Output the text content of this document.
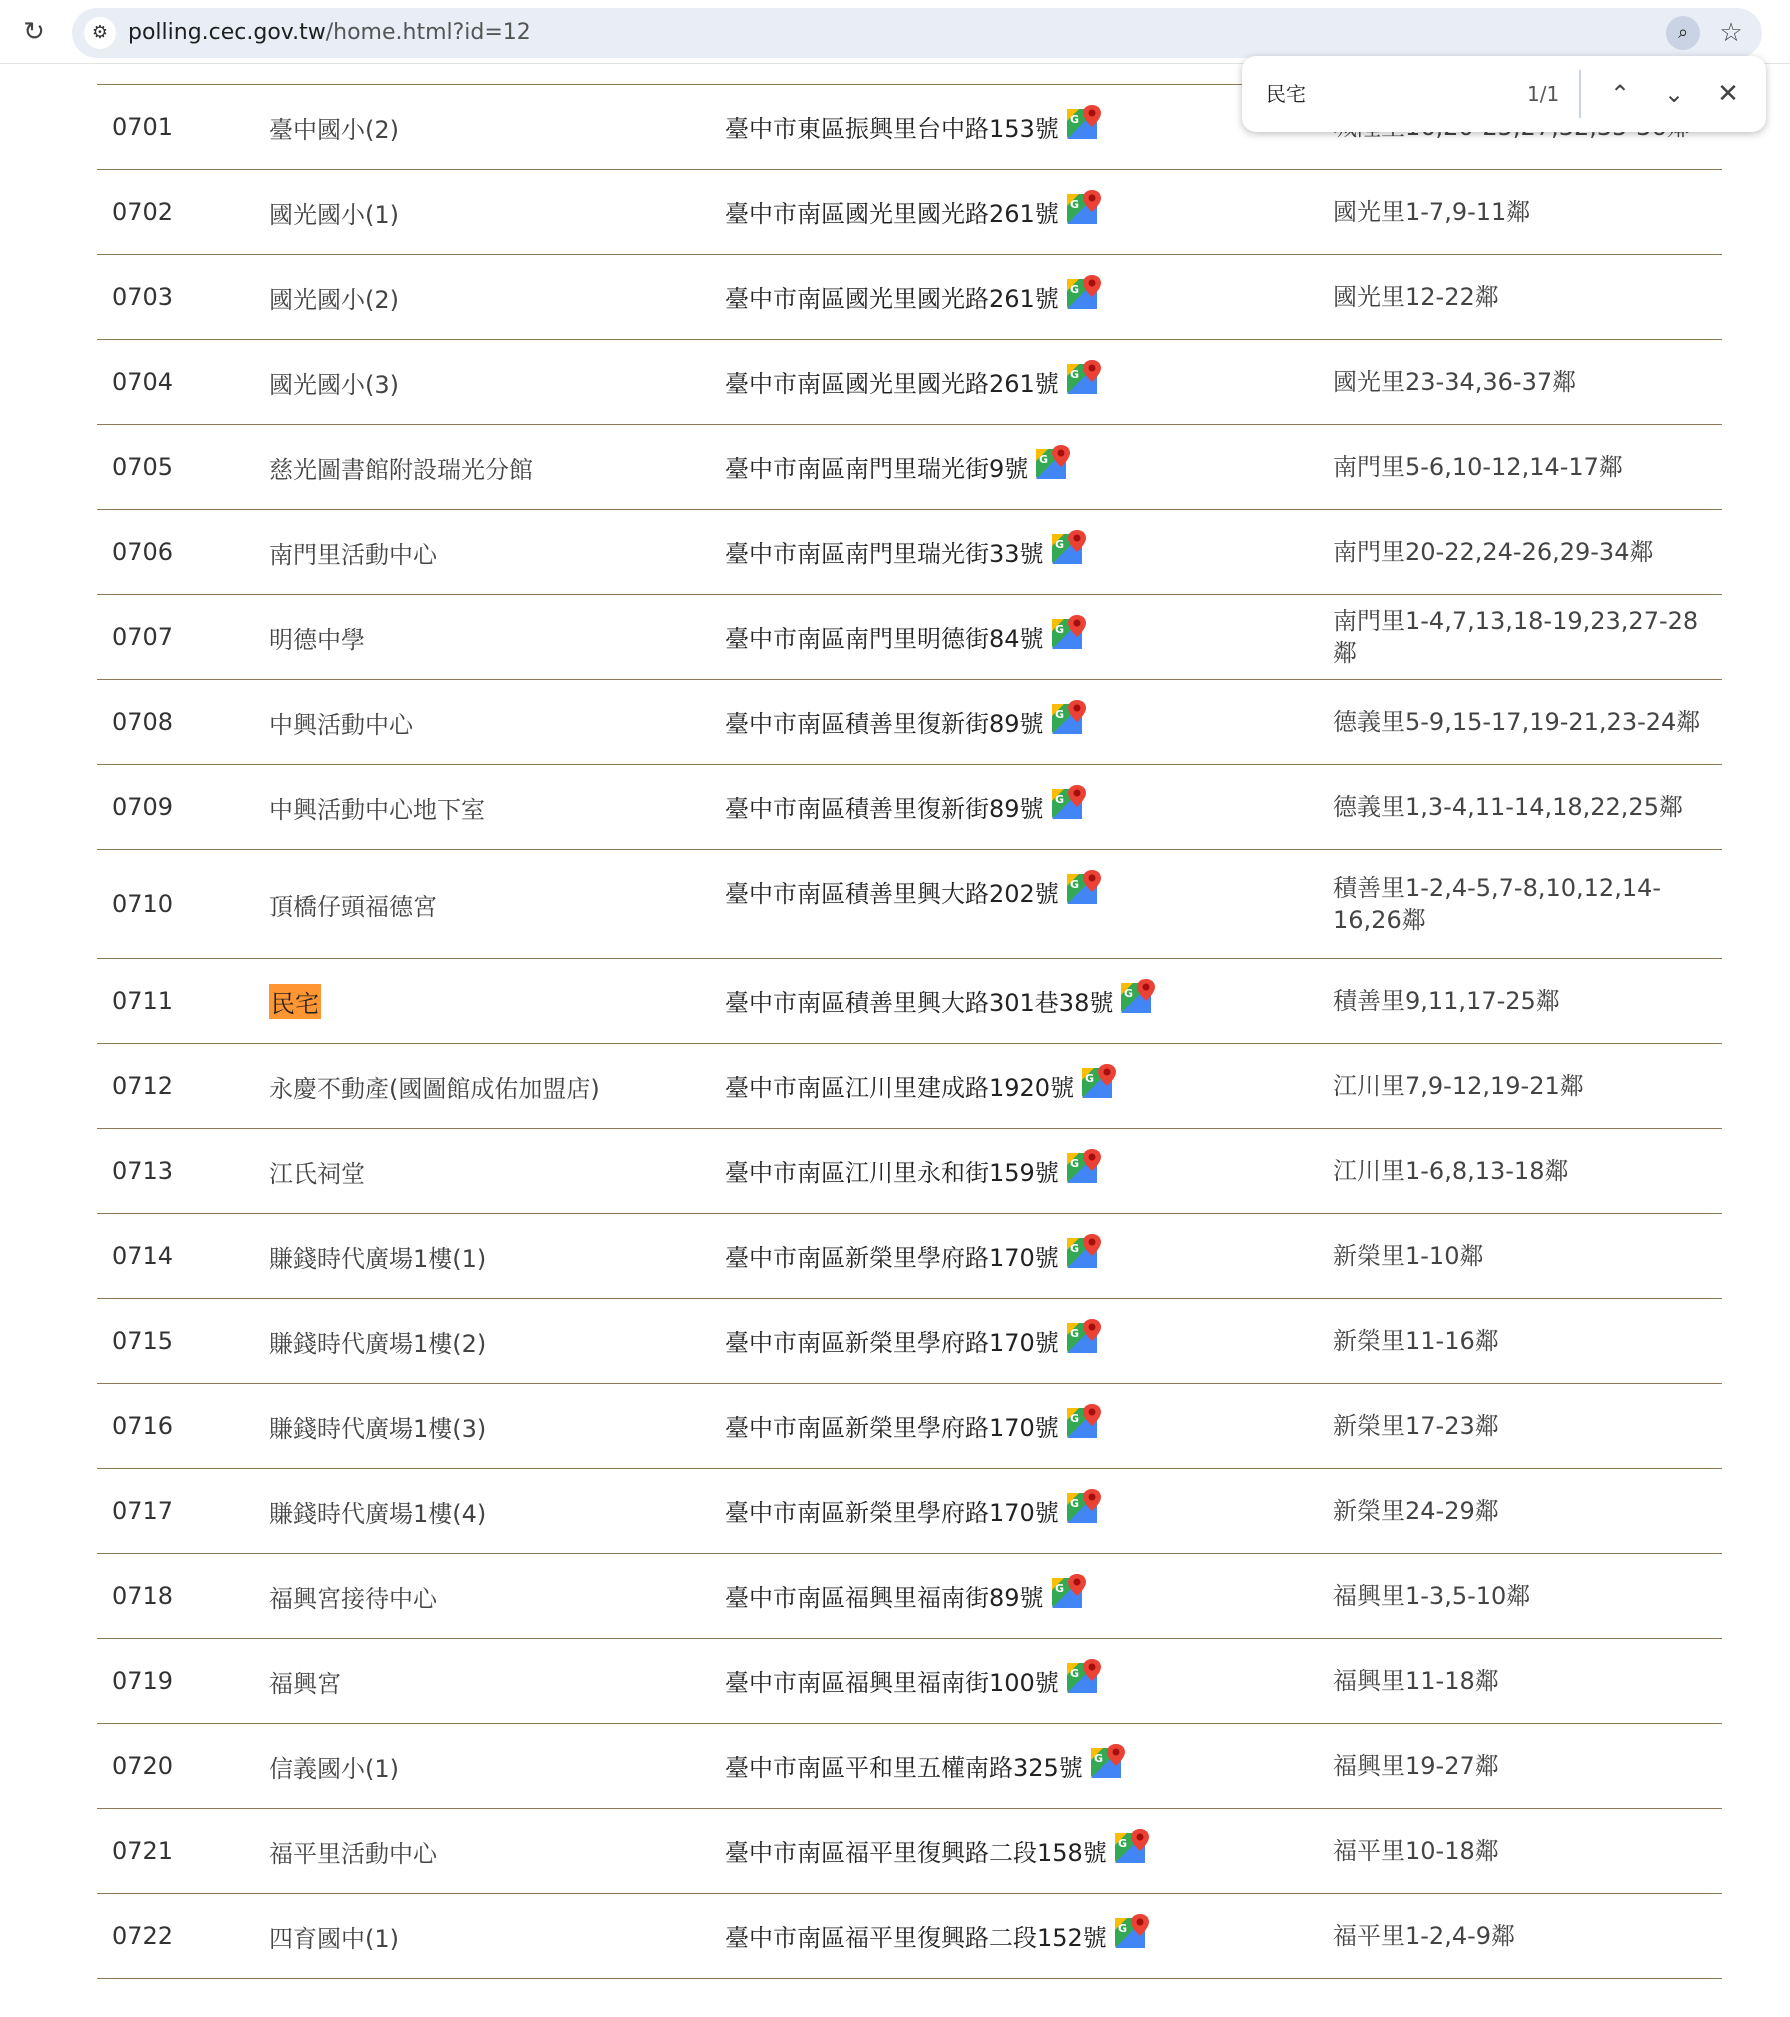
↻	⚙ polling.cec.gov.tw/home.html?id=12	⌕	☆
0701	臺中國小(2)	臺中市東區振興里台中路153號 G
0702	國光國小(1)	臺中市南區國光里國光路261號 G	國光里1-7,9-11鄰
0703	國光國小(2)	臺中市南區國光里國光路261號 G	國光里12-22鄰
0704	國光國小(3)	臺中市南區國光里國光路261號 G	國光里23-34,36-37鄰
0705	慈光圖書館附設瑞光分館	臺中市南區南門里瑞光街9號 G	南門里5-6,10-12,14-17鄰
0706	南門里活動中心	臺中市南區南門里瑞光街33號 G	南門里20-22,24-26,29-34鄰
0707	明德中學	臺中市南區南門里明德街84號 G	南門里1-4,7,13,18-19,23,27-28鄰
0708	中興活動中心	臺中市南區積善里復新街89號 G	德義里5-9,15-17,19-21,23-24鄰
0709	中興活動中心地下室	臺中市南區積善里復新街89號 G	德義里1,3-4,11-14,18,22,25鄰
0710	頂橋仔頭福德宮	臺中市南區積善里興大路202號 G	積善里1-2,4-5,7-8,10,12,14-16,26鄰
0711	民宅	臺中市南區積善里興大路301巷38號 G	積善里9,11,17-25鄰
0712	永慶不動產(國圖館成佑加盟店)	臺中市南區江川里建成路1920號 G	江川里7,9-12,19-21鄰
0713	江氏祠堂	臺中市南區江川里永和街159號 G	江川里1-6,8,13-18鄰
0714	賺錢時代廣場1樓(1)	臺中市南區新榮里學府路170號 G	新榮里1-10鄰
0715	賺錢時代廣場1樓(2)	臺中市南區新榮里學府路170號 G	新榮里11-16鄰
0716	賺錢時代廣場1樓(3)	臺中市南區新榮里學府路170號 G	新榮里17-23鄰
0717	賺錢時代廣場1樓(4)	臺中市南區新榮里學府路170號 G	新榮里24-29鄰
0718	福興宮接待中心	臺中市南區福興里福南街89號 G	福興里1-3,5-10鄰
0719	福興宮	臺中市南區福興里福南街100號 G	福興里11-18鄰
0720	信義國小(1)	臺中市南區平和里五權南路325號 G	福興里19-27鄰
0721	福平里活動中心	臺中市南區福平里復興路二段158號 G	福平里10-18鄰
0722	四育國中(1)	臺中市南區福平里復興路二段152號 G	福平里1-2,4-9鄰
民宅	1/1	⌃	⌄	✕
